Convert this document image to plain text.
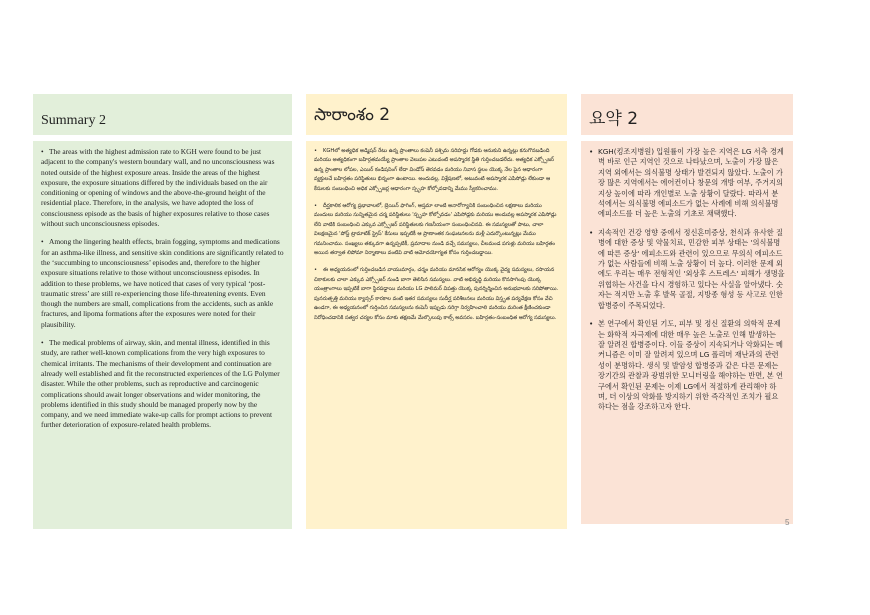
Summary 2

• The areas with the highest admission rate to KGH were found to be just adjacent to the company's western boundary wall, and no unconsciousness was noted outside of the highest exposure areas. Inside the areas of the highest exposure, the exposure situations differed by the individuals based on the air conditioning or opening of windows and the above-the-ground height of the residential place. Therefore, in the analysis, we have adopted the loss of consciousness episode as the basis of higher exposures relative to those cases without such unconsciousness episodes.

• Among the lingering health effects, brain fogging, symptoms and medications for an asthma-like illness, and sensitive skin conditions are significantly related to the ‘succumbing to unconsciousness’ episodes and, therefore to the higher exposure situations relative to those without unconsciousness episodes. In addition to these problems, we have noticed that cases of very typical ‘post-traumatic stress’ are still re-experiencing those life-threatening events. Even though the numbers are small, complications from the accidents, such as ankle fractures, and lipoma formations after the exposures were noted for their plausibility.

• The medical problems of airway, skin, and mental illness, identified in this study, are rather well-known complications from the very high exposures to chemical irritants. The mechanisms of their development and continuation are already well established and fit the reconstructed experiences of the LG Polymer disaster. While the other problems, such as reproductive and carcinogenic complications should await longer observations and wider monitoring, the problems identified in this study should be managed properly now by the company, and we need immediate wake-up calls for prompt actions to prevent further deterioration of exposure-related health problems.

సారాంశం 2

• KGHలో అత్యధిక అడ్మిషన్ రేటు ఉన్న ప్రాంతాలు కంపెనీ పశ్చిమ సరిహద్దు గోడకు ఆనుకుని ఉన్నట్లు కనుగొనబడింది మరియు అత్యధికంగా బహిర్గతమయ్యే ప్రాంతాల వెలుపల ఎటువంటి అపస్మారక స్థితి గుర్తించబడలేదు. అత్యధిక ఎక్స్పోజర్ ఉన్న ప్రాంతాల లోపల, ఎయిర్ కండిషనింగ్ లేదా విండోస్ తెరవడం మరియు నివాస స్థలం యొక్క నేల పైన ఆధారంగా వ్యక్తులచే బహిర్గతం పరిస్థితులు భిన్నంగా ఉంటాయి. అందువల్ల, విశ్లేషణలో, అటువంటి అపస్మారక ఎపిసోడ్లు లేకుండా ఆ కేసులకు సంబంధించి అధిక ఎక్స్పోజర్ల ఆధారంగా స్పృహ కోల్పోవడాన్ని మేము స్వీకరించాము.

• దీర్ఘకాలిక ఆరోగ్య ప్రభావాలలో, బ్రెయిన్ ఫాగింగ్, ఆస్తమా లాంటి అనారోగ్యానికి సంబంధించిన లక్షణాలు మరియు మందులు మరియు సున్నితమైన చర్మ పరిస్థితులు 'స్పృహ కోల్పోవడం' ఎపిసోడ్లకు మరియు అందువల్ల అపస్మారక ఎపిసోడ్లు లేని వాటికి సంబంధించి ఎక్కువ ఎక్స్పోజర్ పరిస్థితులకు గణనీయంగా సంబంధించినవి. ఈ సమస్యలతో పాటు, చాలా విలక్షణమైన 'పోస్ట్ ట్రామాటిక్ స్ట్రెస్' కేసులు ఇప్పటికీ ఆ ప్రాణాంతక సంఘటనలను మళ్లీ ఎదుర్కొంటున్నట్లు మేము గమనించాము. సంఖ్యలు తక్కువగా ఉన్నప్పటికీ, ప్రమాదాల నుండి వచ్చే సమస్యలు, చీలమండ పగుళ్లు మరియు బహిర్గతం అయిన తర్వాత లిపోమా నిర్మాణాలు వంటివి వాటి ఆమోదయోగ్యత కోసం గుర్తించబడ్డాయి.

• ఈ అధ్యయనంలో గుర్తించబడిన వాయుమార్గం, చర్మం మరియు మానసిక ఆరోగ్యం యొక్క వైద్య సమస్యలు, రసాయన చికాకులకు చాలా ఎక్కువ ఎక్స్పోజర్ నుండి బాగా తెలిసిన సమస్యలు. వాటి అభివృద్ధి మరియు కొనసాగింపు యొక్క యంత్రాంగాలు ఇప్పటికే బాగా స్థిరపడ్డాయి మరియు LG పాలిమర్ విపత్తు యొక్క పునర్నిర్మించిన అనుభవాలకు సరిపోతాయి. పునరుత్పత్తి మరియు క్యాన్సర్ కారకాల వంటి ఇతర సమస్యలు సుదీర్ఘ పరిశీలనలు మరియు విస్తృత పర్యవేక్షణ కోసం వేచి ఉండగా, ఈ అధ్యయనంలో గుర్తించిన సమస్యలను కంపెనీ ఇప్పుడు సరిగ్గా నిర్వహించాలి మరియు మరింత క్షీణించకుండా నిరోధించడానికి సత్వర చర్యల కోసం మాకు తక్షణమే మేల్కొలుపు కాల్స్ అవసరం. బహిర్గతం-సంబంధిత ఆరోగ్య సమస్యలు.

요약 2

• KGH(킹조지병원) 입원률이 가장 높은 지역은 LG 서측 경계벽 바로 인근 지역인 것으로 나타났으며, 노출이 가장 많은 지역 외에서는 의식불명 상태가 발견되지 않았다. 노출이 가장 많은 지역에서는 에어컨이나 창문의 개방 여부, 주거지의 지상 높이에 따라 개인별로 노출 상황이 달랐다. 따라서 분석에서는 의식불명 에피소드가 없는 사례에 비해 의식불명 에피소드를 더 높은 노출의 기초로 채택했다.

• 지속적인 건강 영향 중에서 정신혼미증상, 천식과 유사한 질병에 대한 증상 및 약물치료, 민감한 피부 상태는 '의식불명에 따른 증상' 에피소드와 관련이 있으므로 무의식 에피소드가 없는 사람들에 비해 노출 상황이 더 높다. 이러한 문제 외에도 우리는 매우 전형적인 '외상후 스트레스' 피해가 생명을 위협하는 사건을 다시 경험하고 있다는 사실을 알아냈다. 숫자는 적지만 노출 후 발목 골절, 지방종 형성 등 사고로 인한 합병증이 주목되었다.

• 본 연구에서 확인된 기도, 피부 및 정신 질환의 의학적 문제는 화학적 자극제에 대한 매우 높은 노출로 인해 발생하는 잘 알려진 합병증이다. 이들 증상이 지속되거나 악화되는 메커니즘은 이미 잘 알려져 있으며 LG 폴리머 재난과의 관련성이 분명하다. 생식 및 발암성 합병증과 같은 다른 문제는 장기간의 관찰과 광범위한 모니터링을 해야하는 반면, 본 연구에서 확인된 문제는 이제 LG에서 적절하게 관리해야 하며, 더 이상의 악화를 방지하기 위한 즉각적인 조치가 필요하다는 점을 강조하고자 한다.

5
